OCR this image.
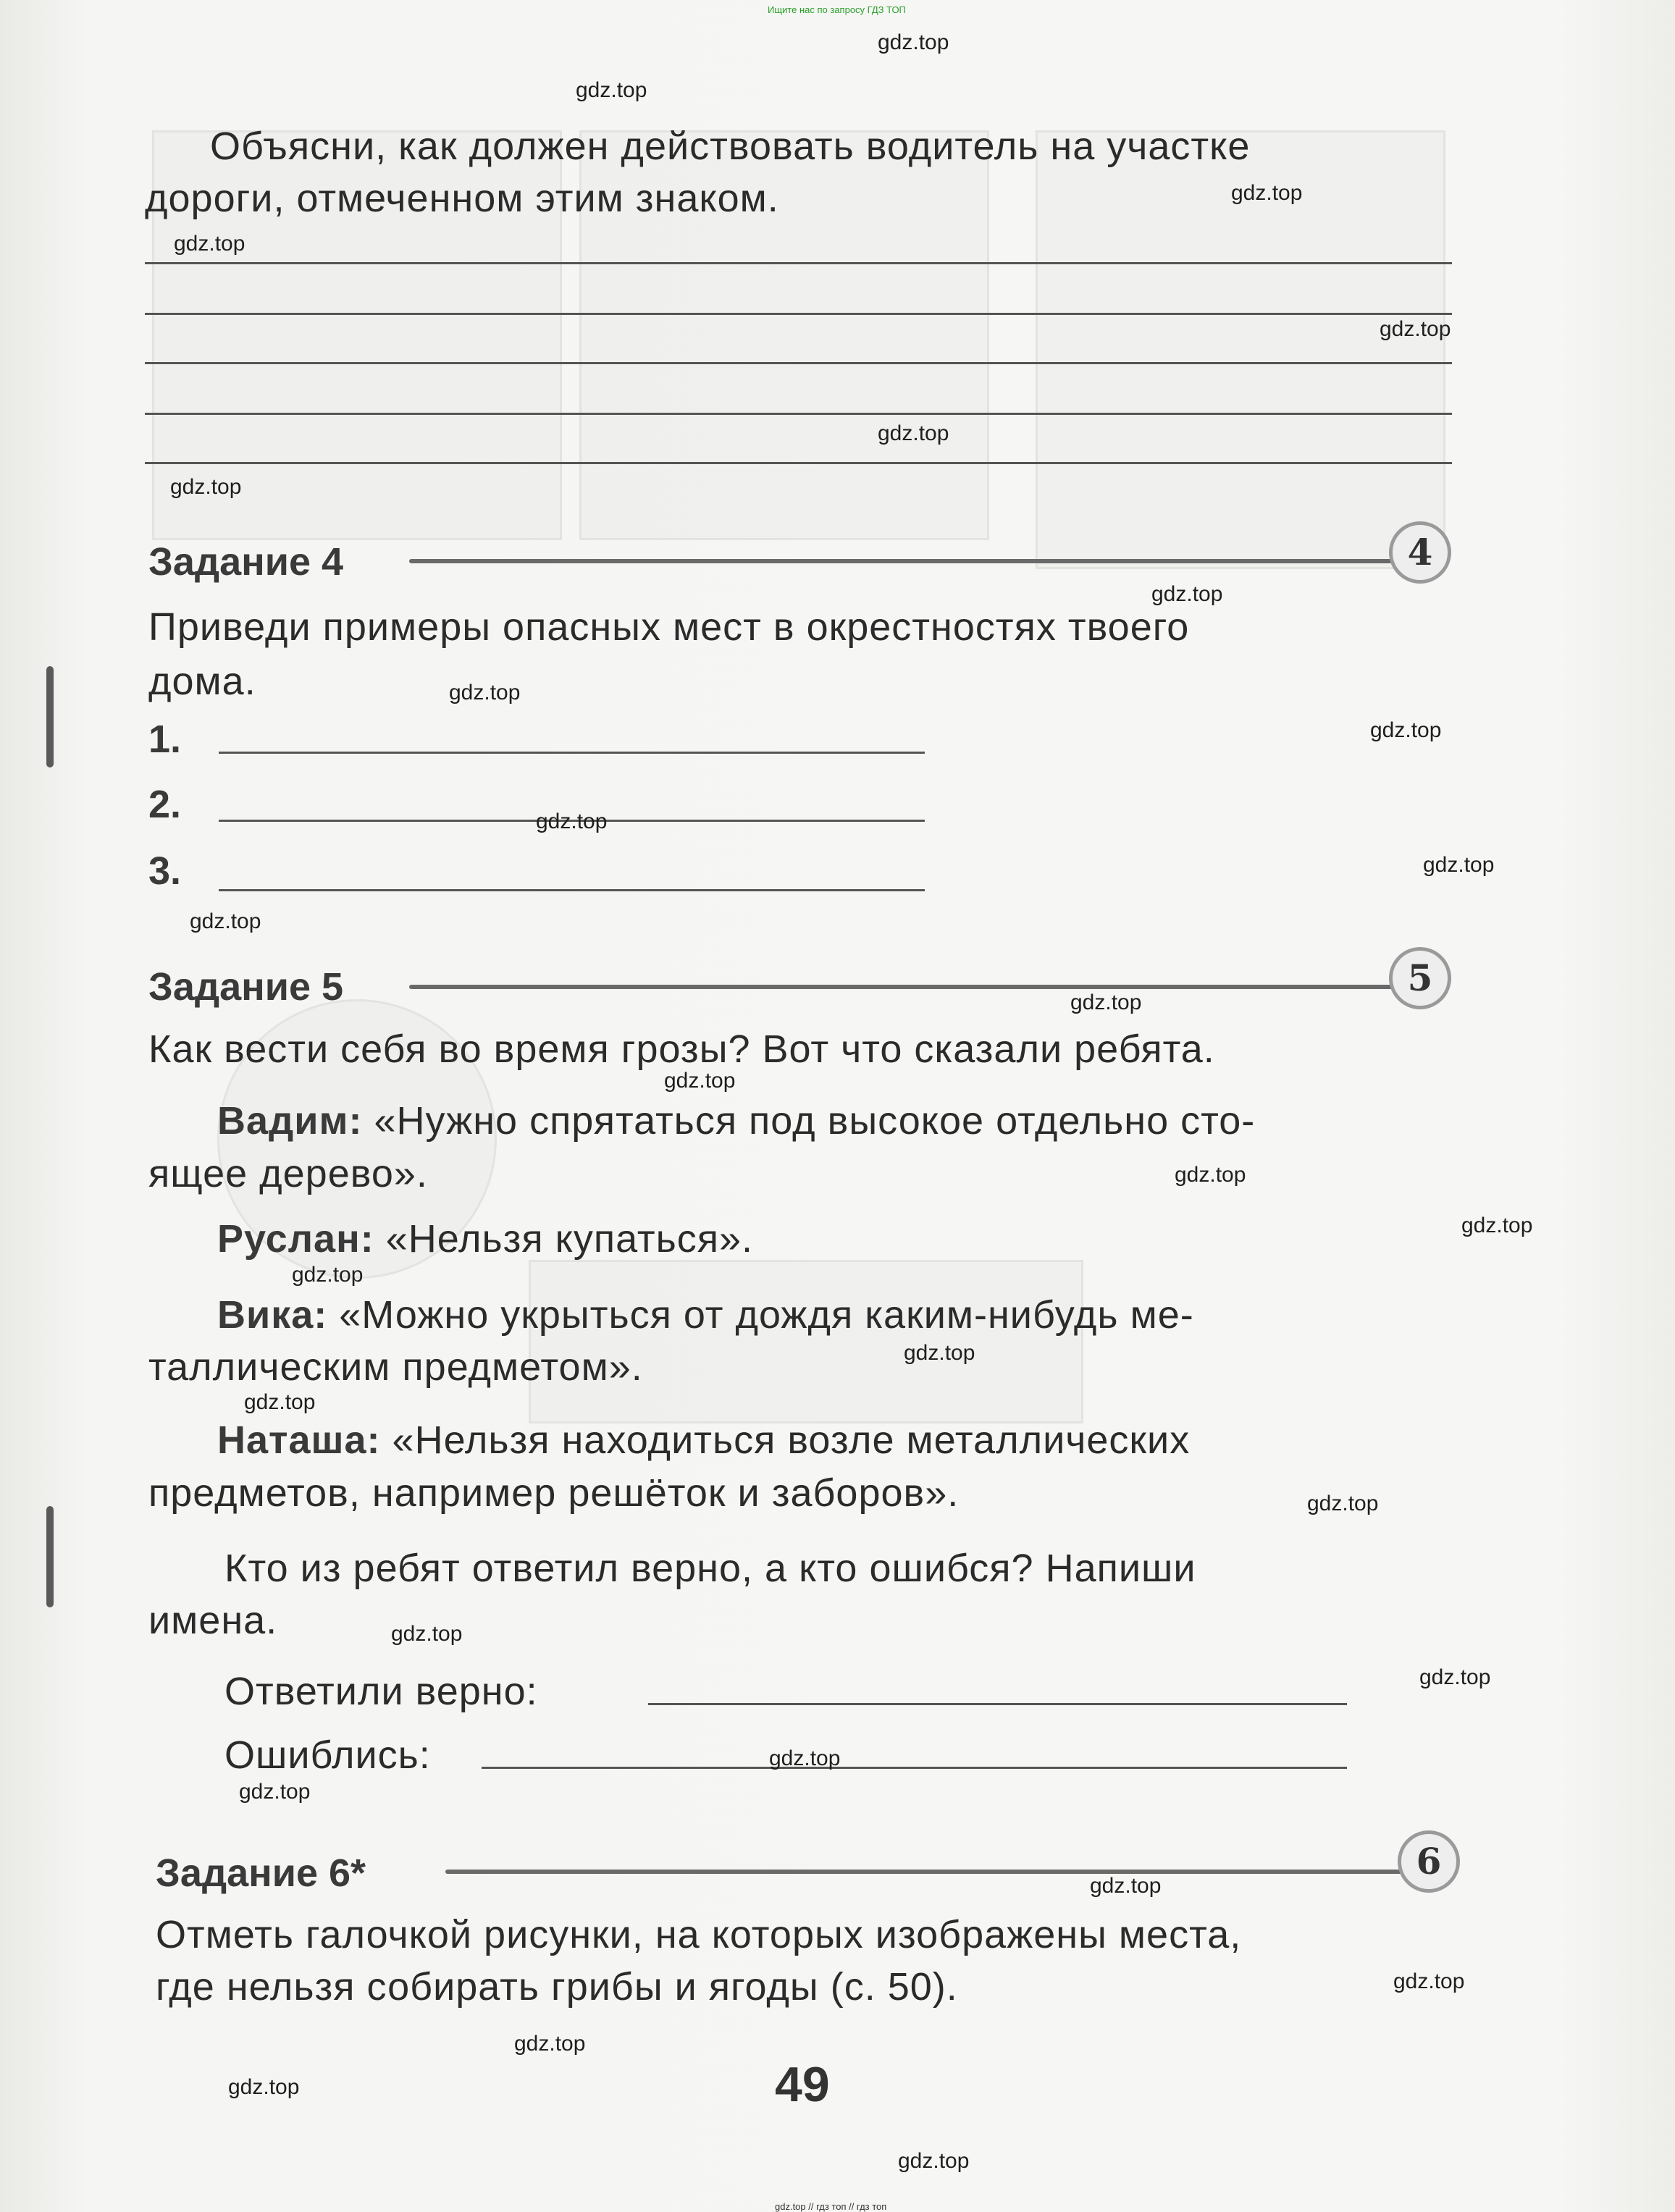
Ищите нас по запросу ГДЗ ТОП
Объясни, как должен действовать водитель на участке
дороги, отмеченном этим знаком.
Задание 4	4
Приведи примеры опасных мест в окрестностях твоего
дома.
1.
2.
3.
Задание 5	5
Как вести себя во время грозы? Вот что сказали ребята.
Вадим: «Нужно спрятаться под высокое отдельно сто-
ящее дерево».
Руслан: «Нельзя купаться».
Вика: «Можно укрыться от дождя каким-нибудь ме-
таллическим предметом».
Наташа: «Нельзя находиться возле металлических
предметов, например решёток и заборов».
Кто из ребят ответил верно, а кто ошибся? Напиши
имена.
Ответили верно:
Ошиблись:
Задание 6*	6
Отметь галочкой рисунки, на которых изображены места,
где нельзя собирать грибы и ягоды (с. 50).
49
gdz.top
gdz.top
gdz.top
gdz.top
gdz.top
gdz.top
gdz.top
gdz.top
gdz.top
gdz.top
gdz.top
gdz.top
gdz.top
gdz.top
gdz.top
gdz.top
gdz.top
gdz.top
gdz.top
gdz.top
gdz.top
gdz.top
gdz.top
gdz.top
gdz.top
gdz.top
gdz.top
gdz.top
gdz.top
gdz.top
gdz.top // гдз топ // гдз топ
